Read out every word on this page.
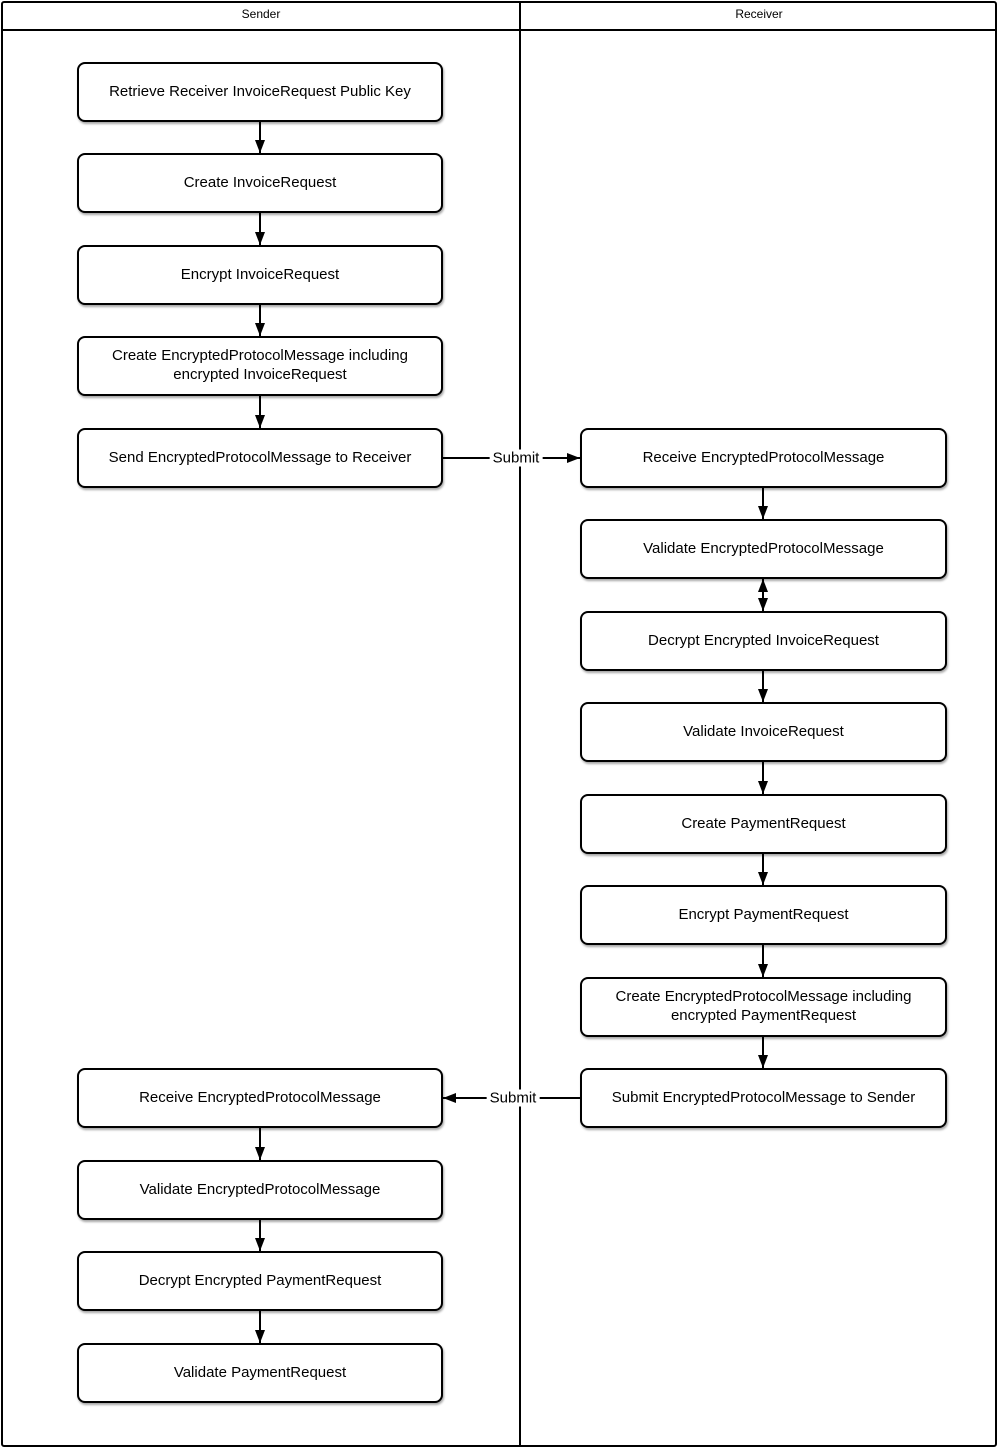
Sender	Receiver
Submit
Submit
Retrieve Receiver InvoiceRequest Public Key
Create InvoiceRequest
Encrypt InvoiceRequest
Create EncryptedProtocolMessage including encrypted InvoiceRequest
Send EncryptedProtocolMessage to Receiver
Receive EncryptedProtocolMessage
Validate EncryptedProtocolMessage
Decrypt Encrypted PaymentRequest
Validate PaymentRequest
Receive EncryptedProtocolMessage
Validate EncryptedProtocolMessage
Decrypt Encrypted InvoiceRequest
Validate InvoiceRequest
Create PaymentRequest
Encrypt PaymentRequest
Create EncryptedProtocolMessage including encrypted PaymentRequest
Submit EncryptedProtocolMessage to Sender
